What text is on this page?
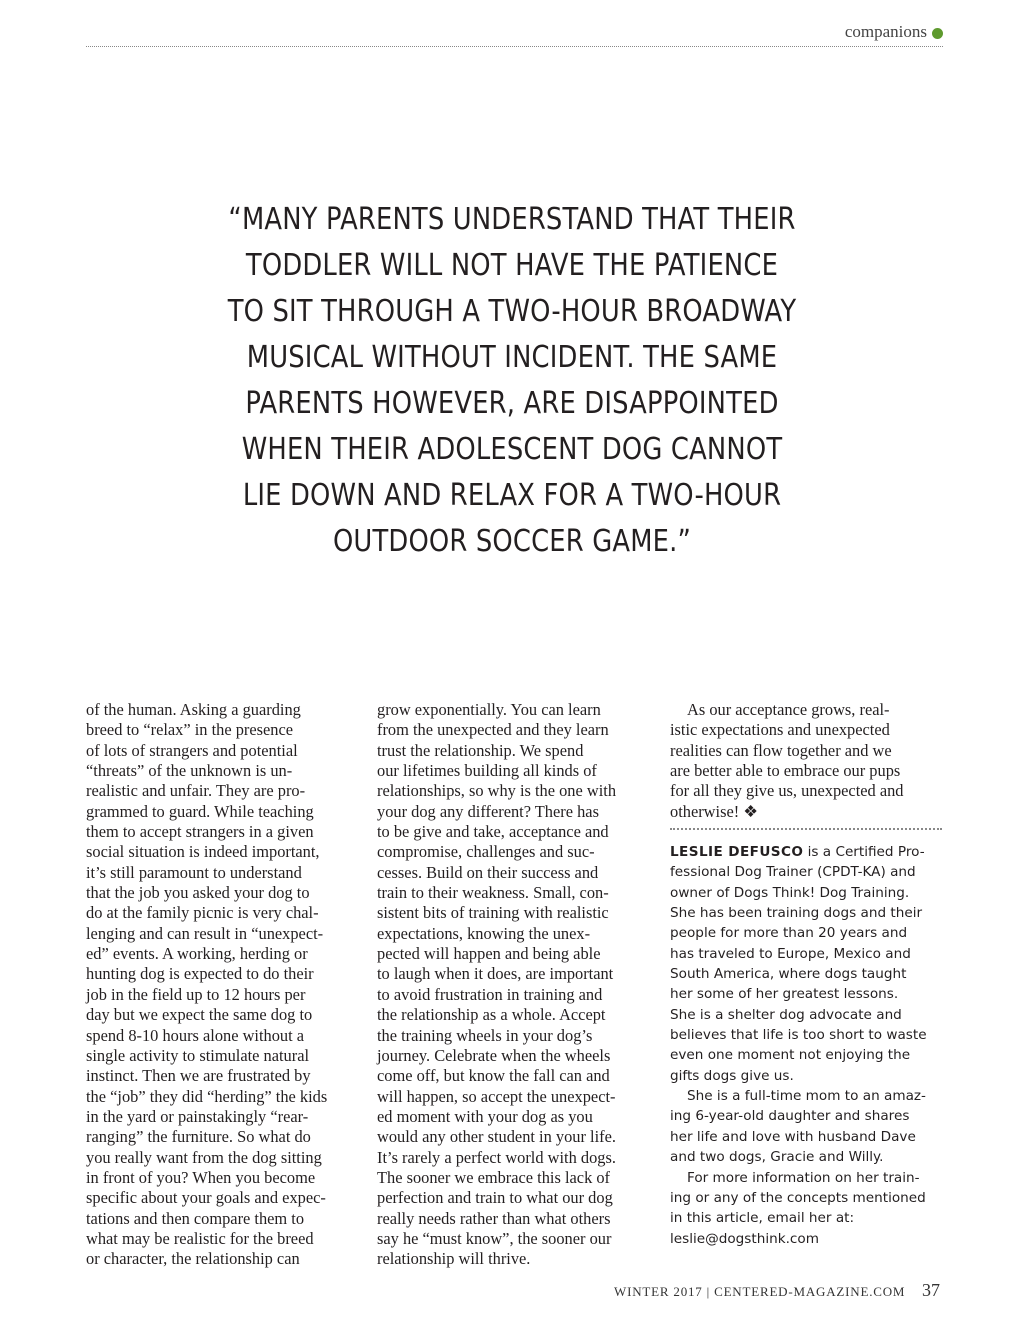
companions
“MANY PARENTS UNDERSTAND THAT THEIR
TODDLER WILL NOT HAVE THE PATIENCE
TO SIT THROUGH A TWO-HOUR BROADWAY
MUSICAL WITHOUT INCIDENT. THE SAME
PARENTS HOWEVER, ARE DISAPPOINTED
WHEN THEIR ADOLESCENT DOG CANNOT
LIE DOWN AND RELAX FOR A TWO-HOUR
OUTDOOR SOCCER GAME.”
of the human. Asking a guarding
breed to “relax” in the presence
of lots of strangers and potential
“threats” of the unknown is un-
realistic and unfair. They are pro-
grammed to guard. While teaching
them to accept strangers in a given
social situation is indeed important,
it’s still paramount to understand
that the job you asked your dog to
do at the family picnic is very chal-
lenging and can result in “unexpect-
ed” events. A working, herding or
hunting dog is expected to do their
job in the field up to 12 hours per
day but we expect the same dog to
spend 8-10 hours alone without a
single activity to stimulate natural
instinct. Then we are frustrated by
the “job” they did “herding” the kids
in the yard or painstakingly “rear-
ranging” the furniture. So what do
you really want from the dog sitting
in front of you? When you become
specific about your goals and expec-
tations and then compare them to
what may be realistic for the breed
or character, the relationship can
grow exponentially. You can learn
from the unexpected and they learn
trust the relationship. We spend
our lifetimes building all kinds of
relationships, so why is the one with
your dog any different? There has
to be give and take, acceptance and
compromise, challenges and suc-
cesses. Build on their success and
train to their weakness. Small, con-
sistent bits of training with realistic
expectations, knowing the unex-
pected will happen and being able
to laugh when it does, are important
to avoid frustration in training and
the relationship as a whole. Accept
the training wheels in your dog’s
journey. Celebrate when the wheels
come off, but know the fall can and
will happen, so accept the unexpect-
ed moment with your dog as you
would any other student in your life.
It’s rarely a perfect world with dogs.
The sooner we embrace this lack of
perfection and train to what our dog
really needs rather than what others
say he “must know”, the sooner our
relationship will thrive.
As our acceptance grows, real-
istic expectations and unexpected
realities can flow together and we
are better able to embrace our pups
for all they give us, unexpected and
otherwise! ❖
LESLIE DEFUSCO is a Certified Pro-
fessional Dog Trainer (CPDT-KA) and
owner of Dogs Think! Dog Training.
She has been training dogs and their
people for more than 20 years and
has traveled to Europe, Mexico and
South America, where dogs taught
her some of her greatest lessons.
She is a shelter dog advocate and
believes that life is too short to waste
even one moment not enjoying the
gifts dogs give us.
She is a full-time mom to an amaz-
ing 6-year-old daughter and shares
her life and love with husband Dave
and two dogs, Gracie and Willy.
For more information on her train-
ing or any of the concepts mentioned
in this article, email her at:
leslie@dogsthink.com
WINTER 2017 | CENTERED-MAGAZINE.COM 37
